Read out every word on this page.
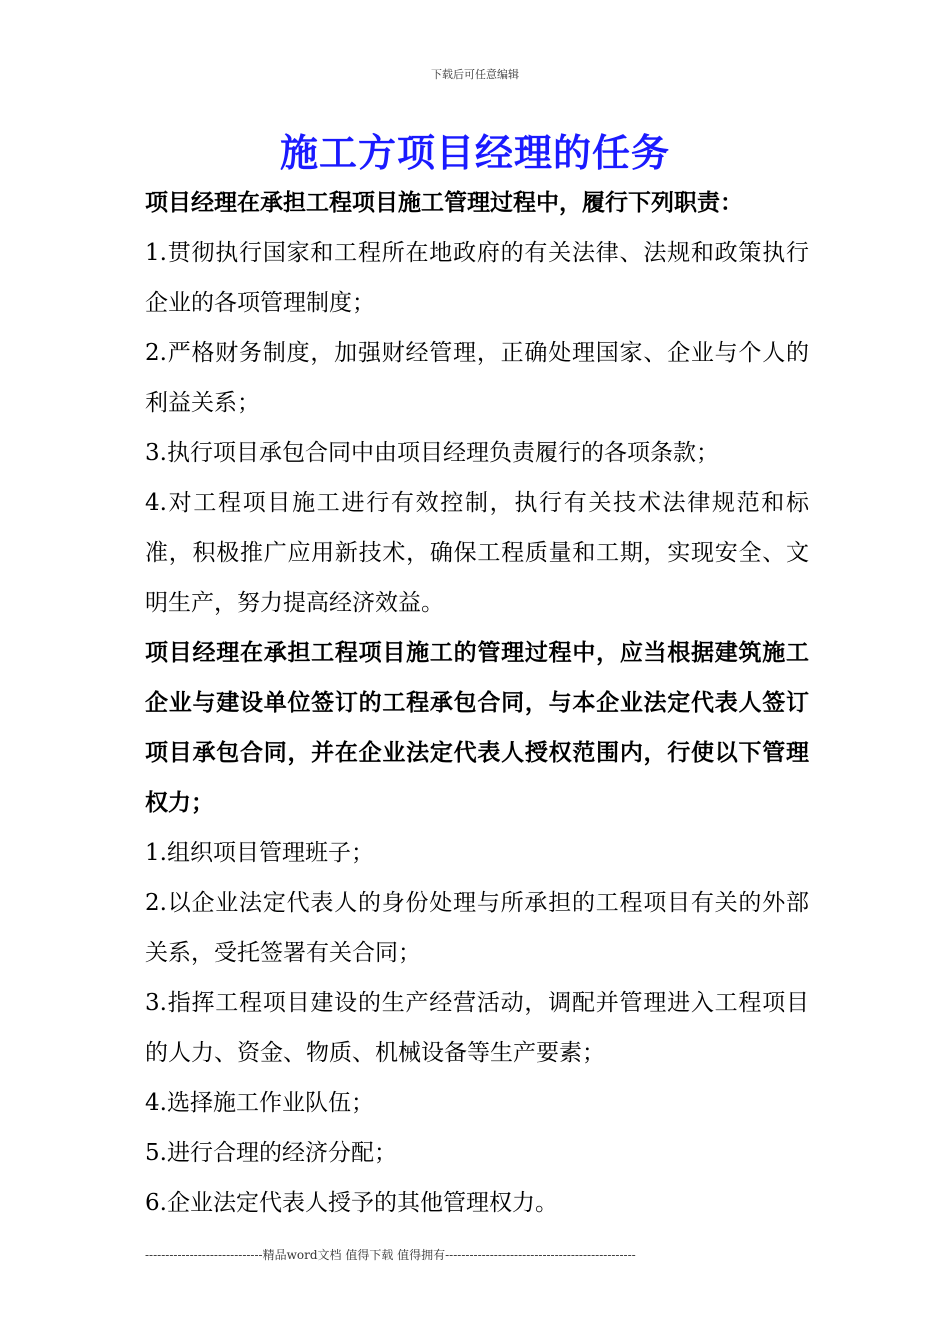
下载后可任意编辑
施工方项目经理的任务

项目经理在承担工程项目施工管理过程中，履行下列职责：

1.贯彻执行国家和工程所在地政府的有关法律、法规和政策执行企业的各项管理制度；

2.严格财务制度，加强财经管理，正确处理国家、企业与个人的利益关系；

3.执行项目承包合同中由项目经理负责履行的各项条款；

4.对工程项目施工进行有效控制，执行有关技术法律规范和标准，积极推广应用新技术，确保工程质量和工期，实现安全、文明生产，努力提高经济效益。

项目经理在承担工程项目施工的管理过程中，应当根据建筑施工企业与建设单位签订的工程承包合同，与本企业法定代表人签订项目承包合同，并在企业法定代表人授权范围内，行使以下管理权力；

1.组织项目管理班子；

2.以企业法定代表人的身份处理与所承担的工程项目有关的外部关系，受托签署有关合同；

3.指挥工程项目建设的生产经营活动，调配并管理进入工程项目的人力、资金、物质、机械设备等生产要素；

4.选择施工作业队伍；

5.进行合理的经济分配；

6.企业法定代表人授予的其他管理权力。

-----------------------------精品word文档 值得下载 值得拥有-----------------------------------------------
